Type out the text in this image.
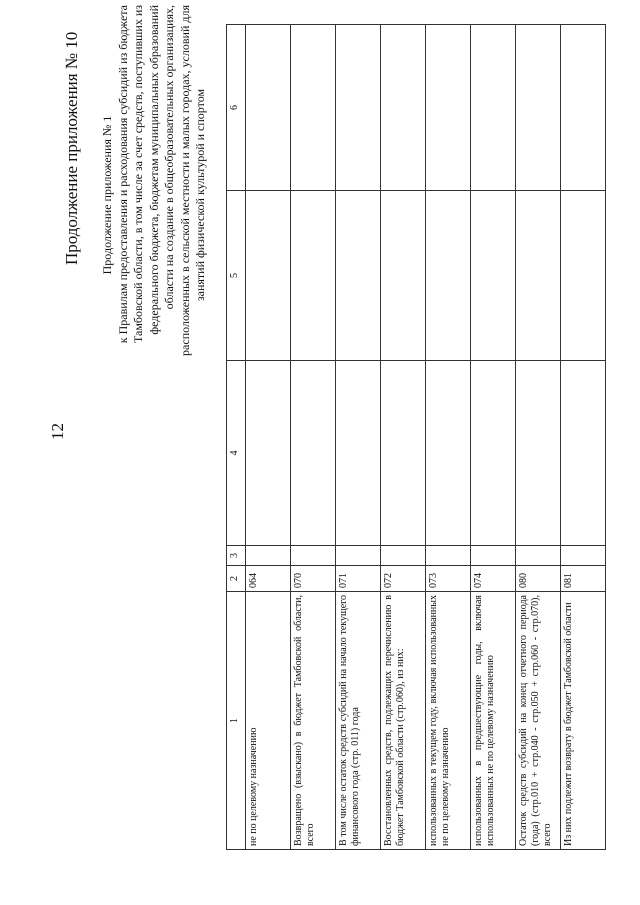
12
Продолжение приложения № 10 Продолжение приложения № 1 к Правилам предоставления и расходования субсидий из бюджета Тамбовской области, в том числе за счет средств, поступивших из федерального бюджета, бюджетам муниципальных образований области на создание в общеобразовательных организациях, расположенных в сельской местности и малых городах, условий для занятий физической культурой и спортом
1	2	3	4	5	6
не по целевому назначению	064				
Возвращено (взыскано) в бюджет Тамбовской области, всего	070				
В том числе остаток средств субсидий на начало текущего финансового года (стр. 011) года	071				
Восстановленных средств, подлежащих перечислению в бюджет Тамбовской области (стр.060), из них:	072				
использованных в текущем году, включая использованных не по целевому назначению	073				
использованных в предшествующие годы, включая использованных не по целевому назначению	074				
Остаток средств субсидий на конец отчетного периода (года) (стр.010 + стр.040 - стр.050 + стр.060 - стр.070), всего	080				
Из них подлежит возврату в бюджет Тамбовской области	081				
